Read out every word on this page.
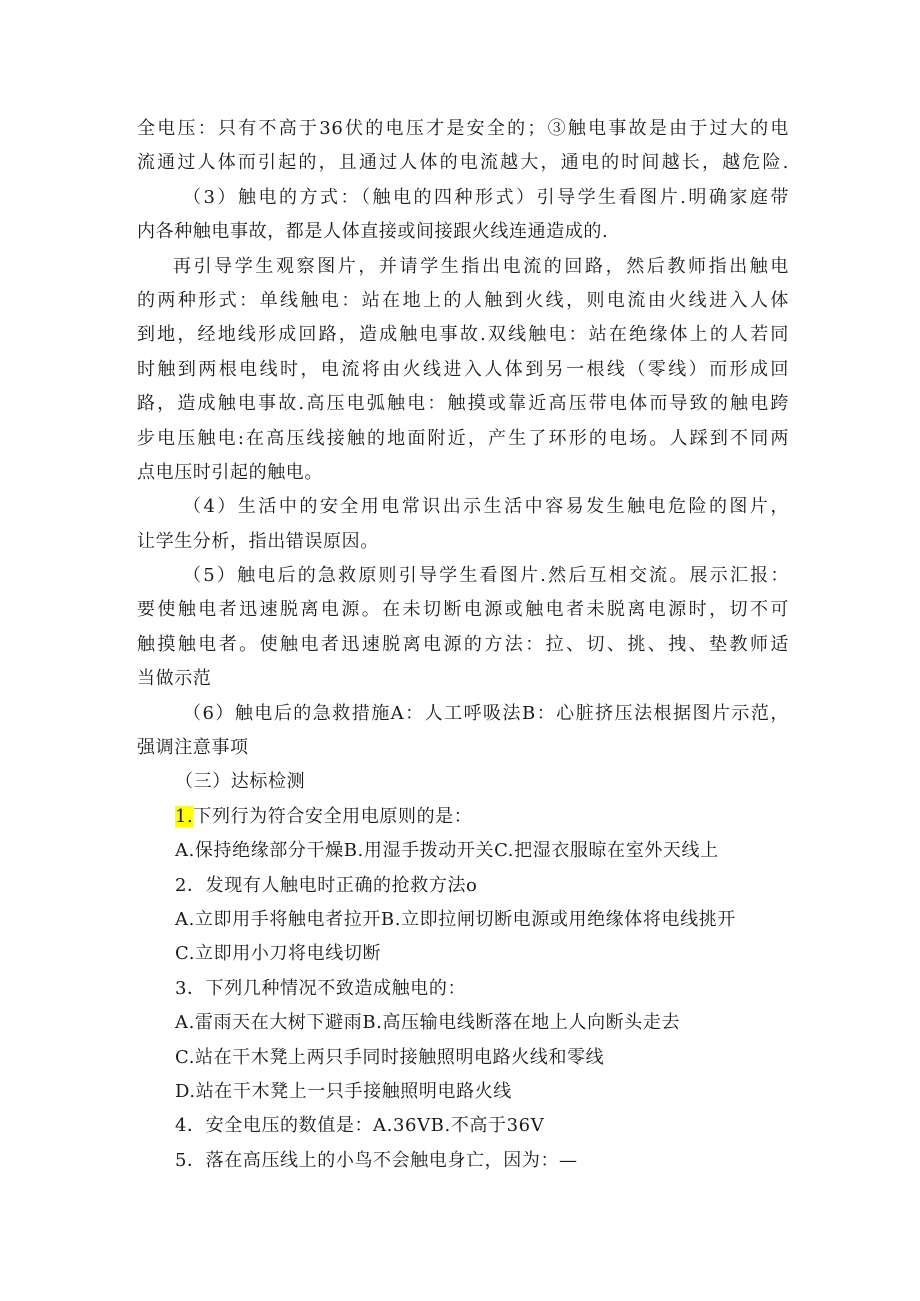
全电压：只有不高于36伏的电压才是安全的；③触电事故是由于过大的电
流通过人体而引起的，且通过人体的电流越大，通电的时间越长，越危险.
（3）触电的方式：（触电的四种形式）引导学生看图片.明确家庭带
内各种触电事故，都是人体直接或间接跟火线连通造成的.
再引导学生观察图片，并请学生指出电流的回路，然后教师指出触电
的两种形式：单线触电：站在地上的人触到火线，则电流由火线进入人体
到地，经地线形成回路，造成触电事故.双线触电：站在绝缘体上的人若同
时触到两根电线时，电流将由火线进入人体到另一根线（零线）而形成回
路，造成触电事故.高压电弧触电：触摸或靠近高压带电体而导致的触电跨
步电压触电:在高压线接触的地面附近，产生了环形的电场。人踩到不同两
点电压时引起的触电。
（4）生活中的安全用电常识出示生活中容易发生触电危险的图片，
让学生分析，指出错误原因。
（5）触电后的急救原则引导学生看图片.然后互相交流。展示汇报：
要使触电者迅速脱离电源。在未切断电源或触电者未脱离电源时，切不可
触摸触电者。使触电者迅速脱离电源的方法：拉、切、挑、拽、垫教师适
当做示范
（6）触电后的急救措施A：人工呼吸法B：心脏挤压法根据图片示范，
强调注意事项
（三）达标检测
1.下列行为符合安全用电原则的是：
A.保持绝缘部分干燥B.用湿手拨动开关C.把湿衣服晾在室外天线上
2．发现有人触电时正确的抢救方法o
A.立即用手将触电者拉开B.立即拉闸切断电源或用绝缘体将电线挑开
C.立即用小刀将电线切断
3．下列几种情况不致造成触电的：
A.雷雨天在大树下避雨B.高压输电线断落在地上人向断头走去
C.站在干木凳上两只手同时接触照明电路火线和零线
D.站在干木凳上一只手接触照明电路火线
4．安全电压的数值是：A.36VB.不高于36V
5．落在高压线上的小鸟不会触电身亡，因为：—
